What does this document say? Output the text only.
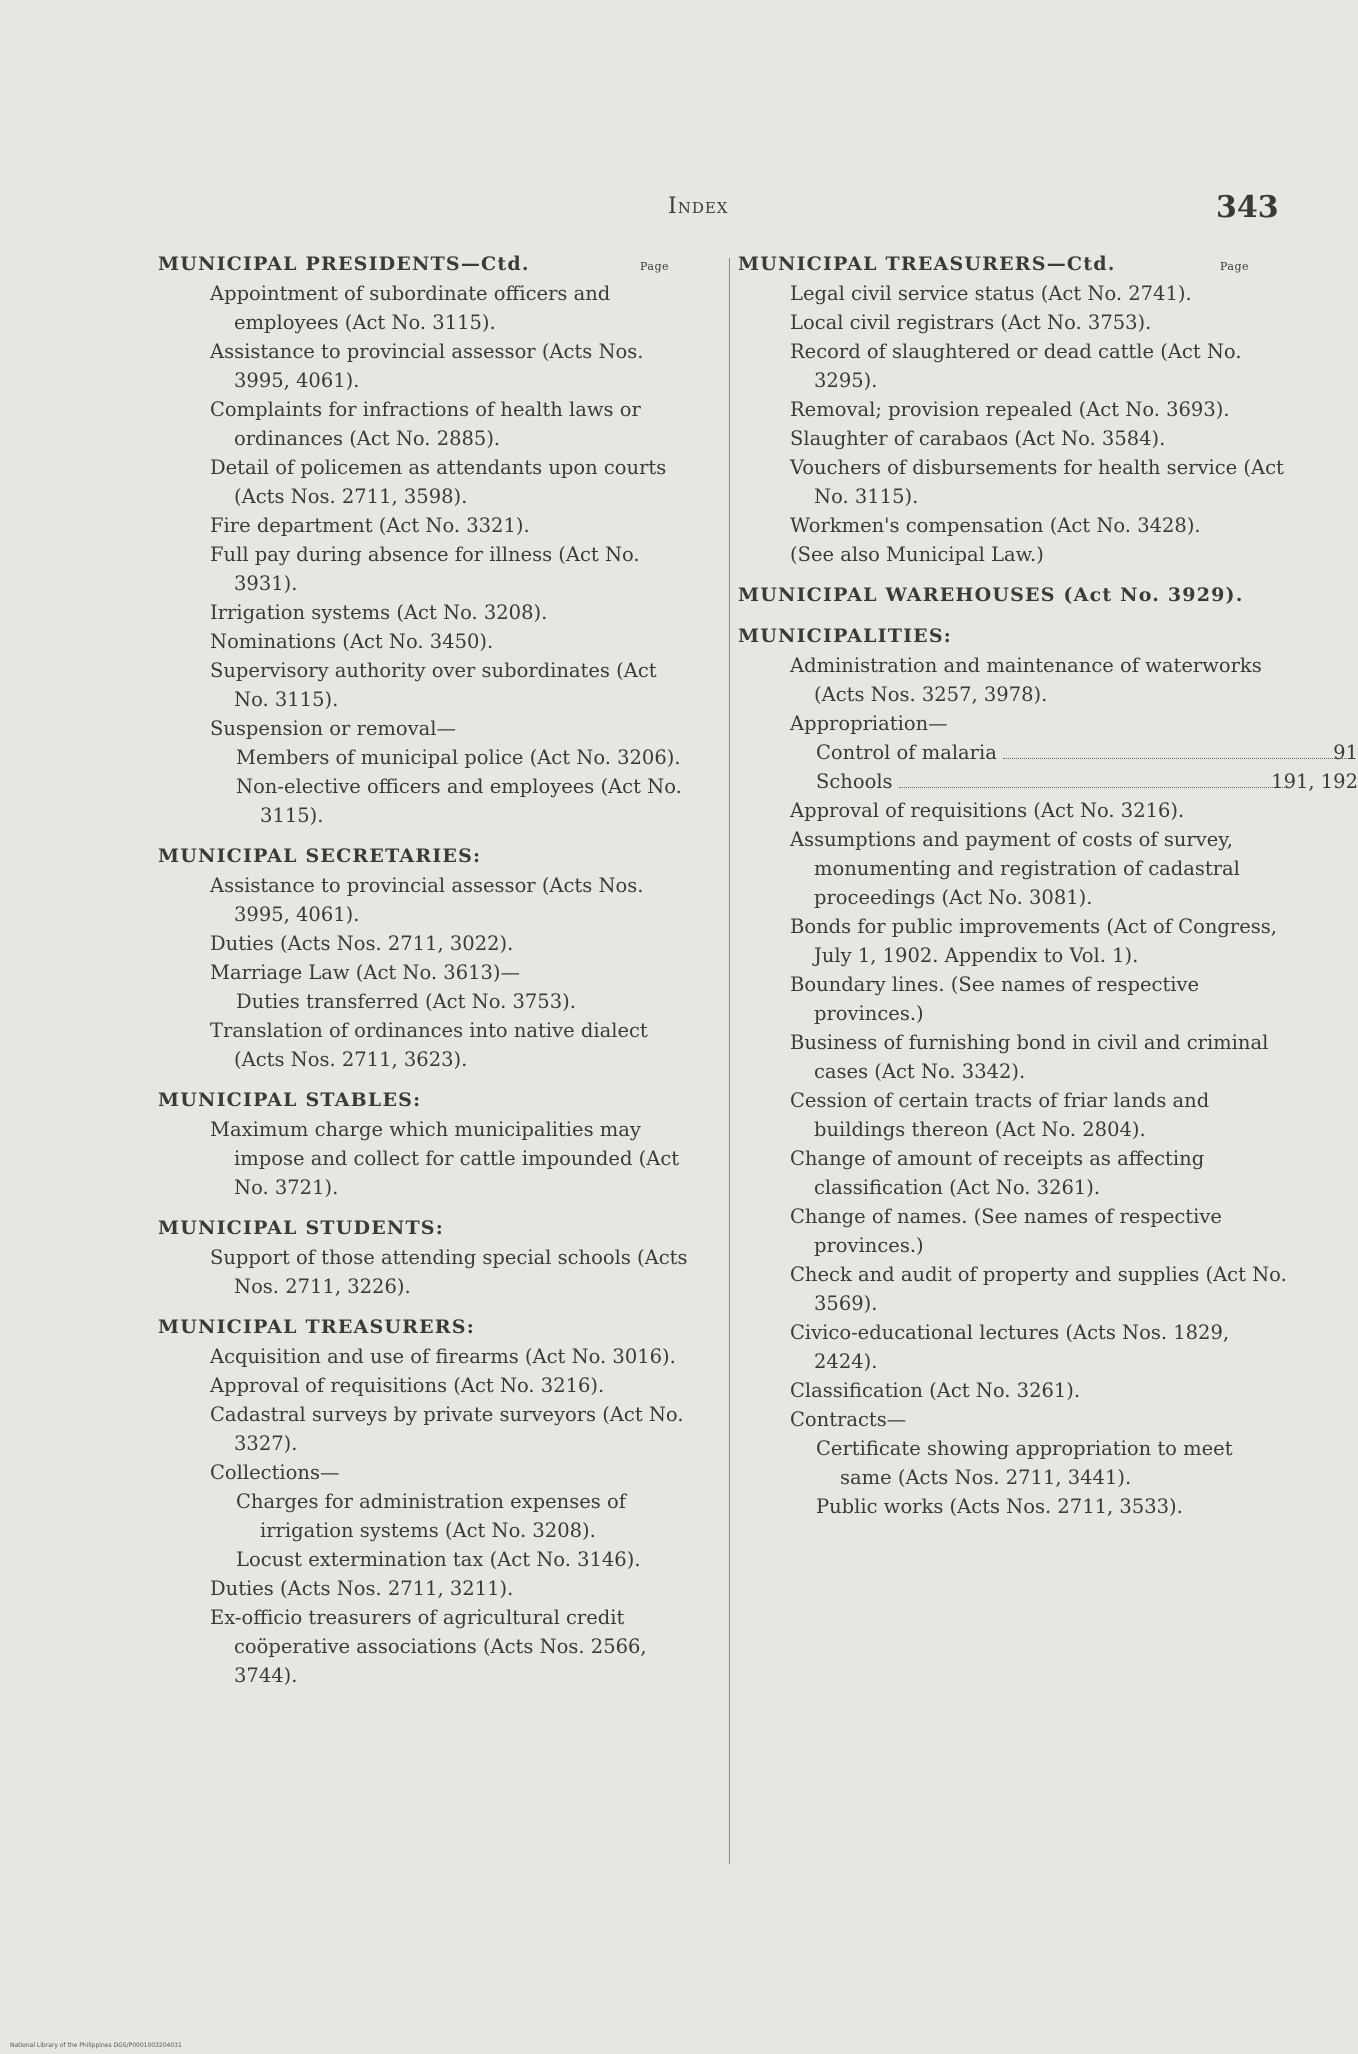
Index	343
Page
MUNICIPAL PRESIDENTS—Ctd.
Appointment of subordinate officers and employees (Act No. 3115).
Assistance to provincial assessor (Acts Nos. 3995, 4061).
Complaints for infractions of health laws or ordinances (Act No. 2885).
Detail of policemen as attendants upon courts (Acts Nos. 2711, 3598).
Fire department (Act No. 3321).
Full pay during absence for illness (Act No. 3931).
Irrigation systems (Act No. 3208).
Nominations (Act No. 3450).
Supervisory authority over subordinates (Act No. 3115).
Suspension or removal—
Members of municipal police (Act No. 3206).
Non-elective officers and employees (Act No. 3115).
MUNICIPAL SECRETARIES:
Assistance to provincial assessor (Acts Nos. 3995, 4061).
Duties (Acts Nos. 2711, 3022).
Marriage Law (Act No. 3613)—
Duties transferred (Act No. 3753).
Translation of ordinances into native dialect (Acts Nos. 2711, 3623).
MUNICIPAL STABLES:
Maximum charge which municipalities may impose and collect for cattle impounded (Act No. 3721).
MUNICIPAL STUDENTS:
Support of those attending special schools (Acts Nos. 2711, 3226).
MUNICIPAL TREASURERS:
Acquisition and use of firearms (Act No. 3016).
Approval of requisitions (Act No. 3216).
Cadastral surveys by private surveyors (Act No. 3327).
Collections—
Charges for administration expenses of irrigation systems (Act No. 3208).
Locust extermination tax (Act No. 3146).
Duties (Acts Nos. 2711, 3211).
Ex-officio treasurers of agricultural credit coöperative associations (Acts Nos. 2566, 3744).
Page
MUNICIPAL TREASURERS—Ctd.
Legal civil service status (Act No. 2741).
Local civil registrars (Act No. 3753).
Record of slaughtered or dead cattle (Act No. 3295).
Removal; provision repealed (Act No. 3693).
Slaughter of carabaos (Act No. 3584).
Vouchers of disbursements for health service (Act No. 3115).
Workmen's compensation (Act No. 3428).
(See also Municipal Law.)
MUNICIPAL WAREHOUSES (Act No. 3929).
MUNICIPALITIES:
Administration and maintenance of waterworks (Acts Nos. 3257, 3978).
Appropriation—
Control of malaria	91
Schools	191, 192
Approval of requisitions (Act No. 3216).
Assumptions and payment of costs of survey, monumenting and registration of cadastral proceedings (Act No. 3081).
Bonds for public improvements (Act of Congress, July 1, 1902. Appendix to Vol. 1).
Boundary lines. (See names of respective provinces.)
Business of furnishing bond in civil and criminal cases (Act No. 3342).
Cession of certain tracts of friar lands and buildings thereon (Act No. 2804).
Change of amount of receipts as affecting classification (Act No. 3261).
Change of names. (See names of respective provinces.)
Check and audit of property and supplies (Act No. 3569).
Civico-educational lectures (Acts Nos. 1829, 2424).
Classification (Act No. 3261).
Contracts—
Certificate showing appropriation to meet same (Acts Nos. 2711, 3441).
Public works (Acts Nos. 2711, 3533).
National Library of the Philippines DGS/P0001003204031
